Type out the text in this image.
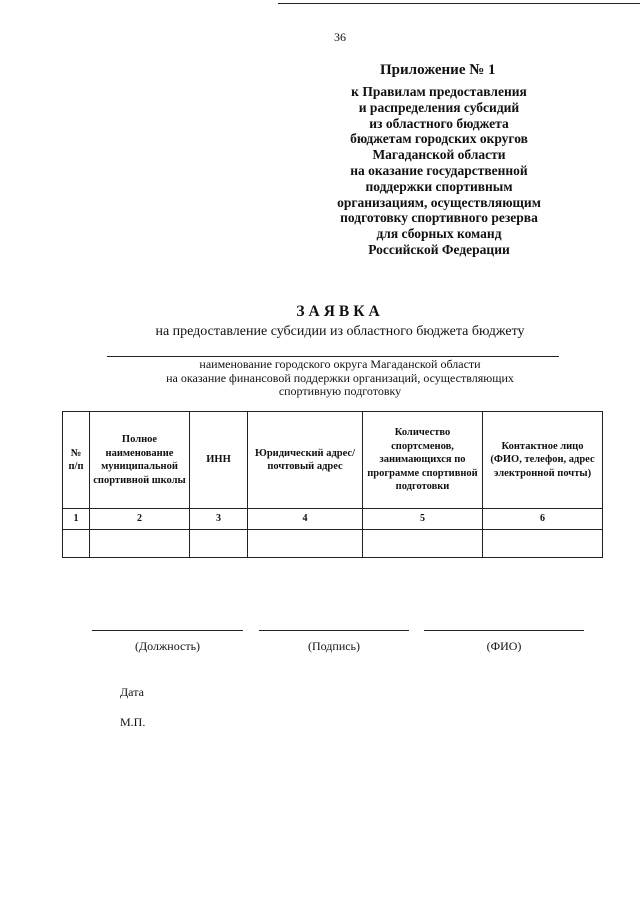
36
Приложение № 1
к Правилам предоставления
и распределения субсидий
из областного бюджета
бюджетам городских округов
Магаданской области
на оказание государственной
поддержки спортивным
организациям, осуществляющим
подготовку спортивного резерва
для сборных команд
Российской Федерации
ЗАЯВКА
на предоставление субсидии из областного бюджета бюджету
наименование городского округа Магаданской области
на оказание финансовой поддержки организаций, осуществляющих
спортивную подготовку
№ п/п	Полное наименование муниципальной спортивной школы	ИНН	Юридический адрес/ почтовый адрес	Количество спортсменов, занимающихся по программе спортивной подготовки	Контактное лицо (ФИО, телефон, адрес электронной почты)
1	2	3	4	5	6

(Должность)	(Подпись)	(ФИО)
Дата
М.П.
